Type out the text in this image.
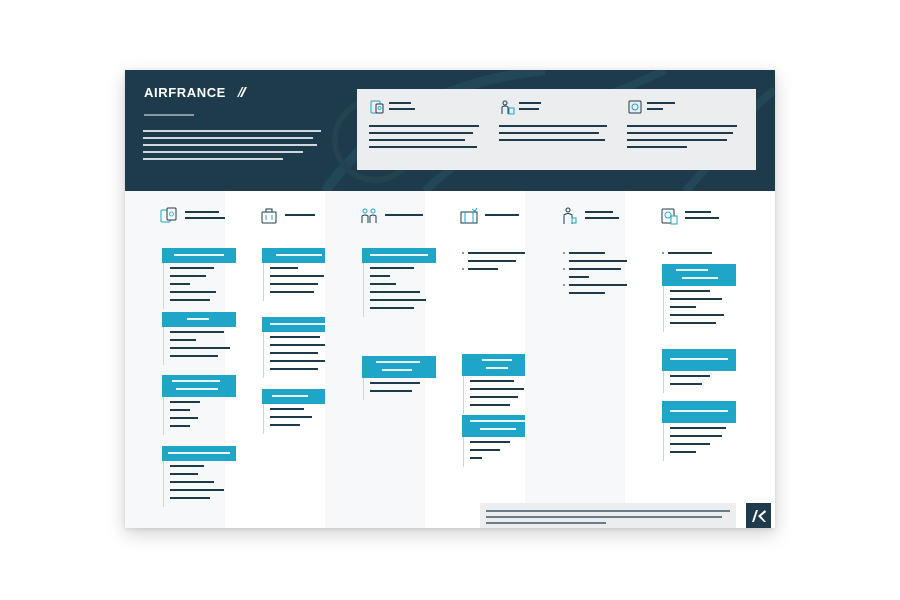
AIRFRANCE
